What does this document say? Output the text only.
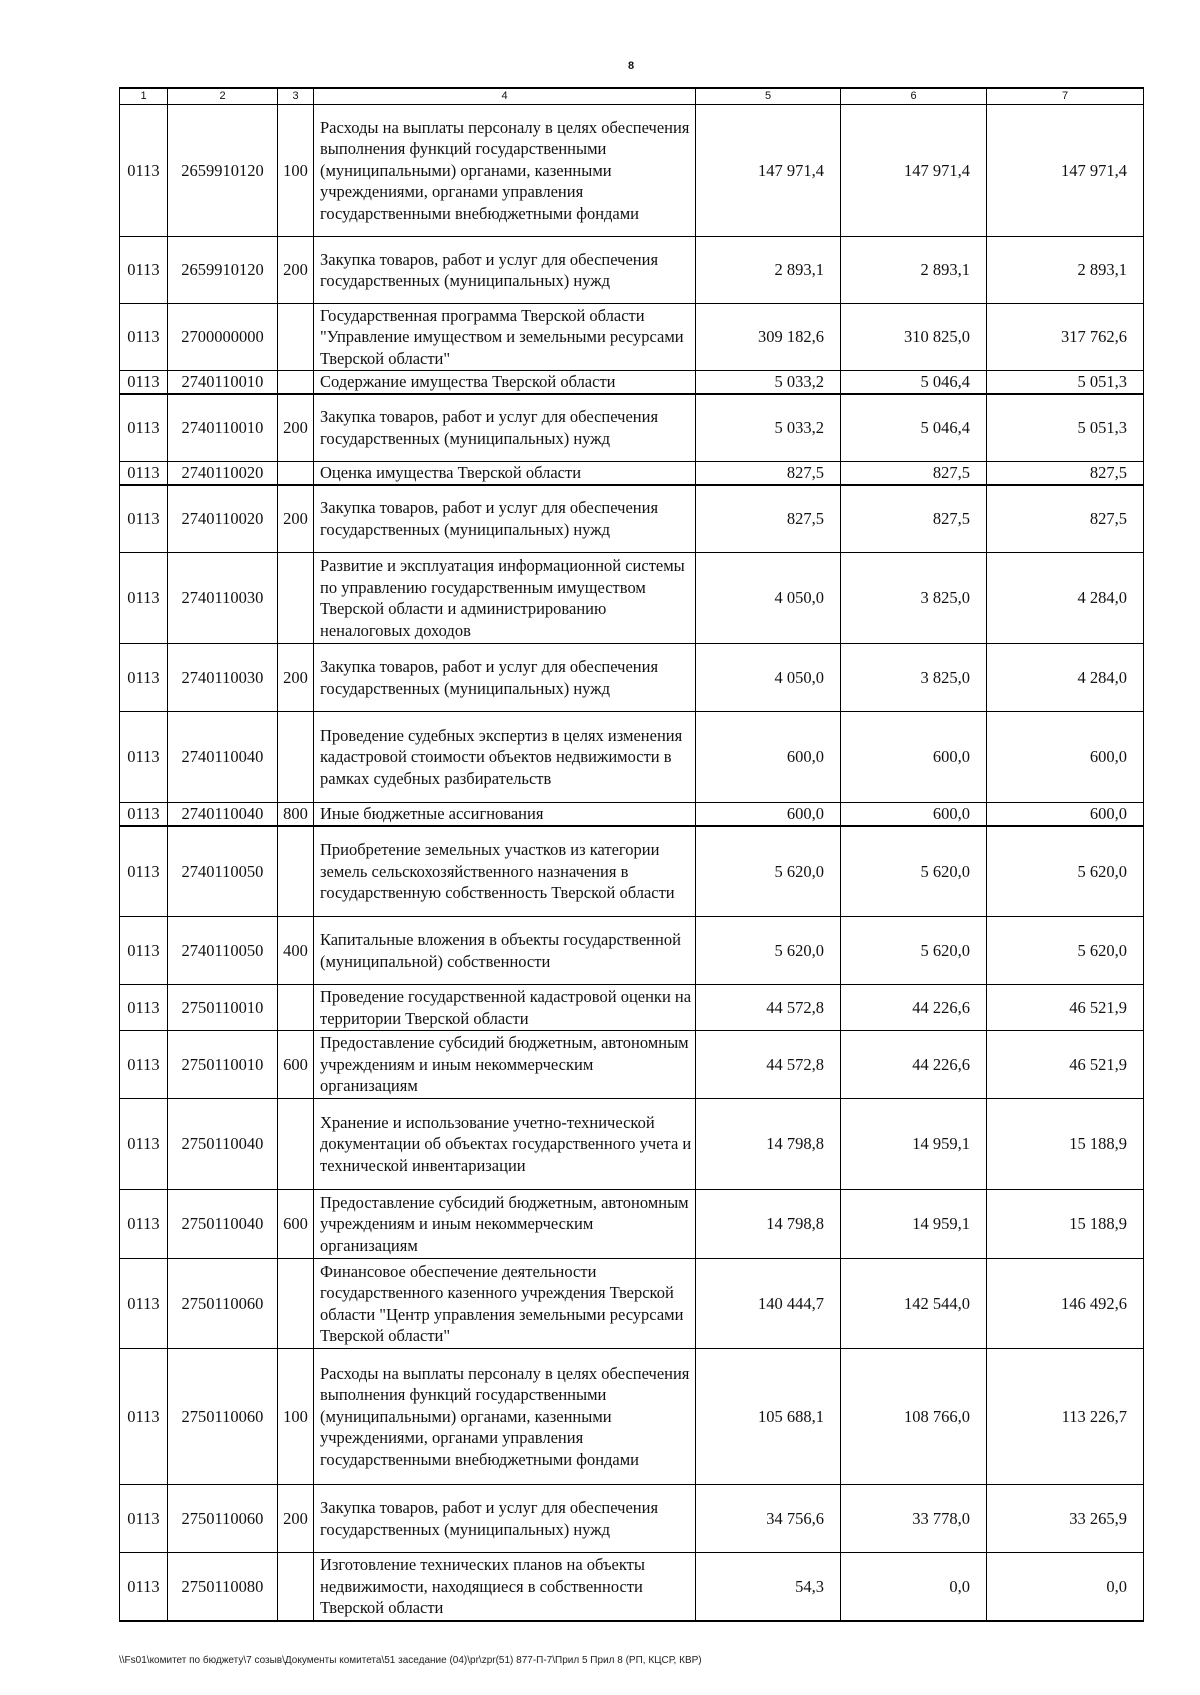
8
1	2	3	4	5	6	7
0113	2659910120	100	Расходы на выплаты персоналу в целях обеспечения выполнения функций государственными (муниципальными) органами, казенными учреждениями, органами управления государственными внебюджетными фондами	147 971,4	147 971,4	147 971,4
0113	2659910120	200	Закупка товаров, работ и услуг для обеспечения государственных (муниципальных) нужд	2 893,1	2 893,1	2 893,1
0113	2700000000		Государственная программа Тверской области "Управление имуществом и земельными ресурсами Тверской области"	309 182,6	310 825,0	317 762,6
0113	2740110010		Содержание имущества Тверской области	5 033,2	5 046,4	5 051,3
0113	2740110010	200	Закупка товаров, работ и услуг для обеспечения государственных (муниципальных) нужд	5 033,2	5 046,4	5 051,3
0113	2740110020		Оценка имущества Тверской области	827,5	827,5	827,5
0113	2740110020	200	Закупка товаров, работ и услуг для обеспечения государственных (муниципальных) нужд	827,5	827,5	827,5
0113	2740110030		Развитие и эксплуатация информационной системы по управлению государственным имуществом Тверской области и администрированию неналоговых доходов	4 050,0	3 825,0	4 284,0
0113	2740110030	200	Закупка товаров, работ и услуг для обеспечения государственных (муниципальных) нужд	4 050,0	3 825,0	4 284,0
0113	2740110040		Проведение судебных экспертиз в целях изменения кадастровой стоимости объектов недвижимости в рамках судебных разбирательств	600,0	600,0	600,0
0113	2740110040	800	Иные бюджетные ассигнования	600,0	600,0	600,0
0113	2740110050		Приобретение земельных участков из категории земель сельскохозяйственного назначения в государственную собственность Тверской области	5 620,0	5 620,0	5 620,0
0113	2740110050	400	Капитальные вложения в объекты государственной (муниципальной) собственности	5 620,0	5 620,0	5 620,0
0113	2750110010		Проведение государственной кадастровой оценки на территории Тверской области	44 572,8	44 226,6	46 521,9
0113	2750110010	600	Предоставление субсидий бюджетным, автономным учреждениям и иным некоммерческим организациям	44 572,8	44 226,6	46 521,9
0113	2750110040		Хранение и использование учетно-технической документации об объектах государственного учета и технической инвентаризации	14 798,8	14 959,1	15 188,9
0113	2750110040	600	Предоставление субсидий бюджетным, автономным учреждениям и иным некоммерческим организациям	14 798,8	14 959,1	15 188,9
0113	2750110060		Финансовое обеспечение деятельности государственного казенного учреждения Тверской области "Центр управления земельными ресурсами Тверской области"	140 444,7	142 544,0	146 492,6
0113	2750110060	100	Расходы на выплаты персоналу в целях обеспечения выполнения функций государственными (муниципальными) органами, казенными учреждениями, органами управления государственными внебюджетными фондами	105 688,1	108 766,0	113 226,7
0113	2750110060	200	Закупка товаров, работ и услуг для обеспечения государственных (муниципальных) нужд	34 756,6	33 778,0	33 265,9
0113	2750110080		Изготовление технических планов на объекты недвижимости, находящиеся в собственности Тверской области	54,3	0,0	0,0
\\Fs01\комитет по бюджету\7 созыв\Документы комитета\51 заседание (04)\pr\zpr(51) 877-П-7\Прил 5 Прил 8 (РП, КЦСР, КВР)
